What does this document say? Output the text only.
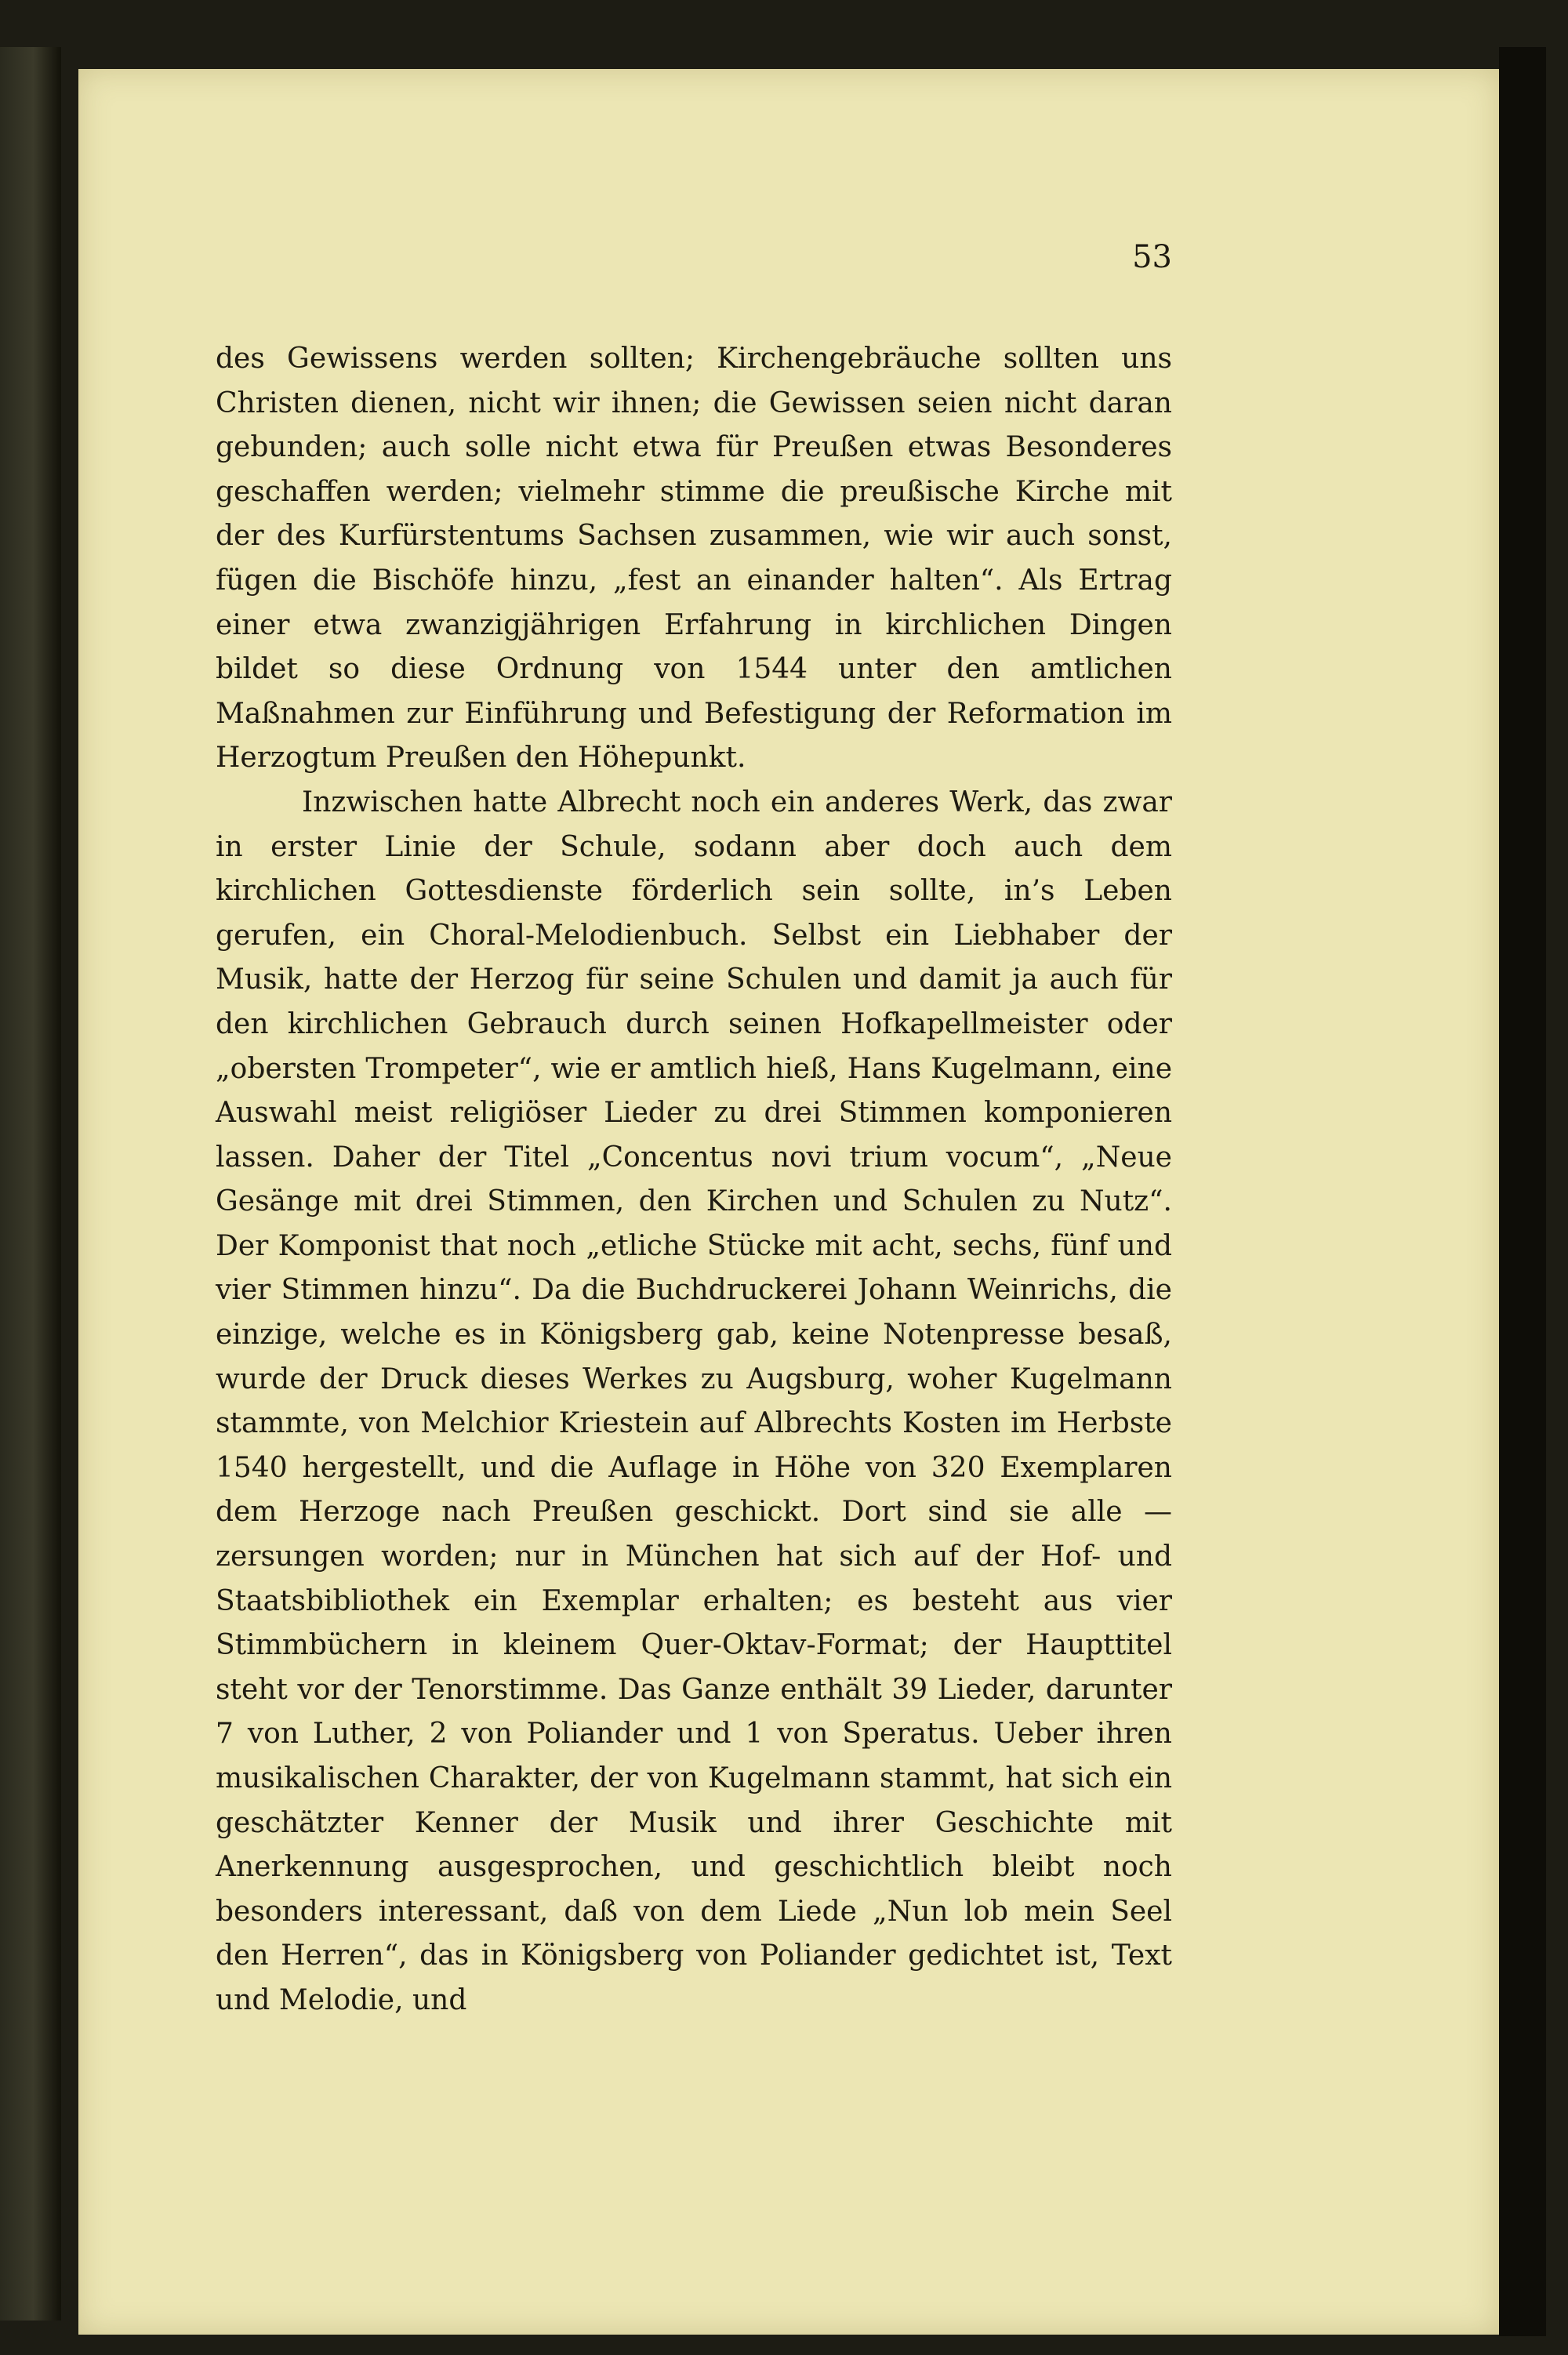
53

des Gewissens werden sollten; Kirchengebräuche sollten uns Christen dienen, nicht wir ihnen; die Gewissen seien nicht daran gebunden; auch solle nicht etwa für Preußen etwas Besonderes geschaffen werden; vielmehr stimme die preußische Kirche mit der des Kurfürstentums Sachsen zusammen, wie wir auch sonst, fügen die Bischöfe hinzu, „fest an einander halten“. Als Ertrag einer etwa zwanzigjährigen Erfahrung in kirchlichen Dingen bildet so diese Ordnung von 1544 unter den amtlichen Maßnahmen zur Einführung und Befestigung der Reformation im Herzogtum Preußen den Höhepunkt.

Inzwischen hatte Albrecht noch ein anderes Werk, das zwar in erster Linie der Schule, sodann aber doch auch dem kirchlichen Gottesdienste förderlich sein sollte, in’s Leben gerufen, ein Choral-Melodienbuch. Selbst ein Liebhaber der Musik, hatte der Herzog für seine Schulen und damit ja auch für den kirchlichen Gebrauch durch seinen Hofkapellmeister oder „obersten Trompeter“, wie er amtlich hieß, Hans Kugelmann, eine Auswahl meist religiöser Lieder zu drei Stimmen komponieren lassen. Daher der Titel „Concentus novi trium vocum“, „Neue Gesänge mit drei Stimmen, den Kirchen und Schulen zu Nutz“. Der Komponist that noch „etliche Stücke mit acht, sechs, fünf und vier Stimmen hinzu“. Da die Buchdruckerei Johann Weinrichs, die einzige, welche es in Königsberg gab, keine Notenpresse besaß, wurde der Druck dieses Werkes zu Augsburg, woher Kugelmann stammte, von Melchior Kriestein auf Albrechts Kosten im Herbste 1540 hergestellt, und die Auflage in Höhe von 320 Exemplaren dem Herzoge nach Preußen geschickt. Dort sind sie alle — zersungen worden; nur in München hat sich auf der Hof- und Staatsbibliothek ein Exemplar erhalten; es besteht aus vier Stimmbüchern in kleinem Quer-Oktav-Format; der Haupttitel steht vor der Tenorstimme. Das Ganze enthält 39 Lieder, darunter 7 von Luther, 2 von Poliander und 1 von Speratus. Ueber ihren musikalischen Charakter, der von Kugelmann stammt, hat sich ein geschätzter Kenner der Musik und ihrer Geschichte mit Anerkennung ausgesprochen, und geschichtlich bleibt noch besonders interessant, daß von dem Liede „Nun lob mein Seel den Herren“, das in Königsberg von Poliander gedichtet ist, Text und Melodie, und
